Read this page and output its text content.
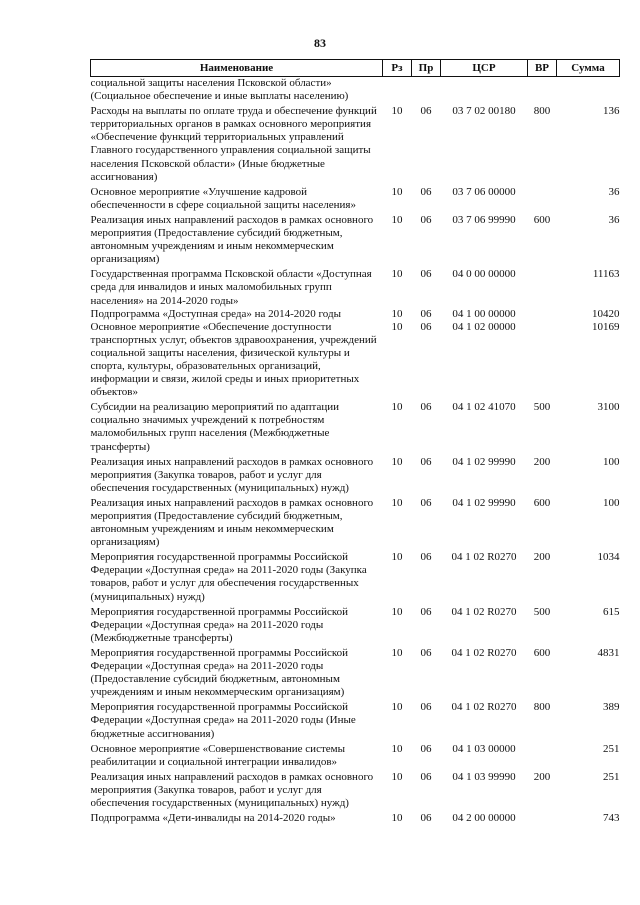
83
Наименование	Рз	Пр	ЦСР	ВР	Сумма
социальной защиты населения Псковской области» (Социальное обеспечение и иные выплаты населению)					
Расходы на выплаты по оплате труда и обеспечение функций территориальных органов в рамках основного мероприятия «Обеспечение функций территориальных управлений Главного государственного управления социальной защиты населения Псковской области» (Иные бюджетные ассигнования)	10	06	03 7 02 00180	800	136
Основное мероприятие «Улучшение кадровой обеспеченности в сфере социальной защиты населения»	10	06	03 7 06 00000		36
Реализация иных направлений расходов в рамках основного мероприятия (Предоставление субсидий бюджетным, автономным учреждениям и иным некоммерческим организациям)	10	06	03 7 06 99990	600	36
Государственная программа Псковской области «Доступная среда для инвалидов и иных маломобильных групп населения» на 2014-2020 годы»	10	06	04 0 00 00000		11163
Подпрограмма «Доступная среда» на 2014-2020 годы	10	06	04 1 00 00000		10420
Основное мероприятие «Обеспечение доступности транспортных услуг, объектов здравоохранения, учреждений социальной защиты населения, физической культуры и спорта, культуры, образовательных организаций, информации и связи, жилой среды и иных приоритетных объектов»	10	06	04 1 02 00000		10169
Субсидии на реализацию мероприятий по адаптации социально значимых учреждений к потребностям маломобильных групп населения (Межбюджетные трансферты)	10	06	04 1 02 41070	500	3100
Реализация иных направлений расходов в рамках основного мероприятия (Закупка товаров, работ и услуг для обеспечения государственных (муниципальных) нужд)	10	06	04 1 02 99990	200	100
Реализация иных направлений расходов в рамках основного мероприятия (Предоставление субсидий бюджетным, автономным учреждениям и иным некоммерческим организациям)	10	06	04 1 02 99990	600	100
Мероприятия государственной программы Российской Федерации «Доступная среда» на 2011-2020 годы (Закупка товаров, работ и услуг для обеспечения государственных (муниципальных) нужд)	10	06	04 1 02 R0270	200	1034
Мероприятия государственной программы Российской Федерации «Доступная среда» на 2011-2020 годы (Межбюджетные трансферты)	10	06	04 1 02 R0270	500	615
Мероприятия государственной программы Российской Федерации «Доступная среда» на 2011-2020 годы (Предоставление субсидий бюджетным, автономным учреждениям и иным некоммерческим организациям)	10	06	04 1 02 R0270	600	4831
Мероприятия государственной программы Российской Федерации «Доступная среда» на 2011-2020 годы (Иные бюджетные ассигнования)	10	06	04 1 02 R0270	800	389
Основное мероприятие «Совершенствование системы реабилитации и социальной интеграции инвалидов»	10	06	04 1 03 00000		251
Реализация иных направлений расходов в рамках основного мероприятия (Закупка товаров, работ и услуг для обеспечения государственных (муниципальных) нужд)	10	06	04 1 03 99990	200	251
Подпрограмма «Дети-инвалиды на 2014-2020 годы»	10	06	04 2 00 00000		743
